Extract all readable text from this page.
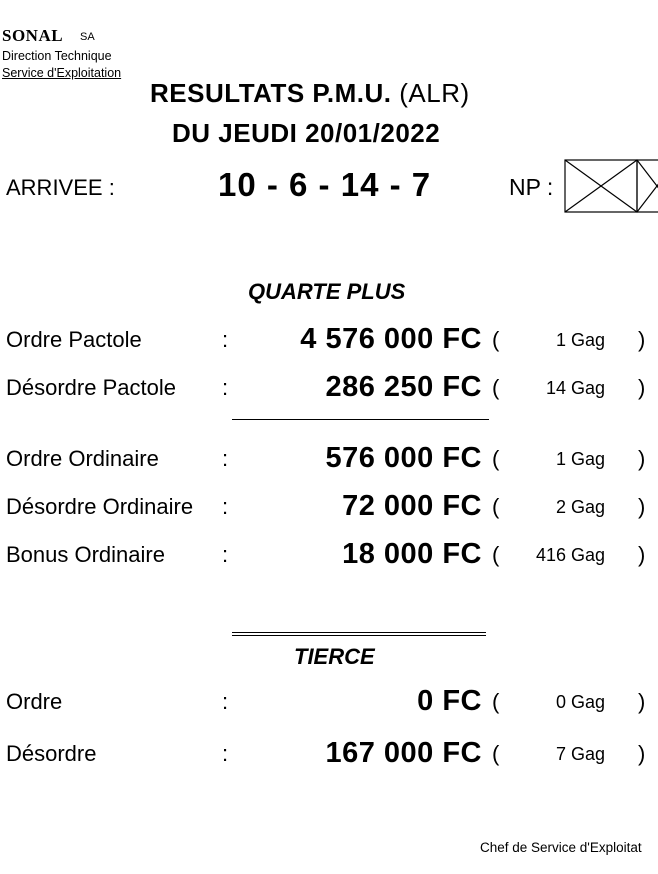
SONAL SA
Direction Technique
Service d'Exploitation
RESULTATS P.M.U. (ALR)
DU JEUDI 20/01/2022
ARRIVEE :	10 - 6 - 14 - 7	NP :
QUARTE PLUS
Ordre Pactole	: 4 576 000 FC (	1 Gag )
Désordre Pactole :	286 250 FC (	14 Gag )
Ordre Ordinaire	:	576 000 FC (	1 Gag )
Désordre Ordinaire :	72 000 FC (	2 Gag )
Bonus Ordinaire	:	18 000 FC ( 416 Gag )
TIERCE
Ordre	:	0 FC (	0 Gag )
Désordre	:	167 000 FC (	7 Gag )
Chef de Service d'Exploitat
